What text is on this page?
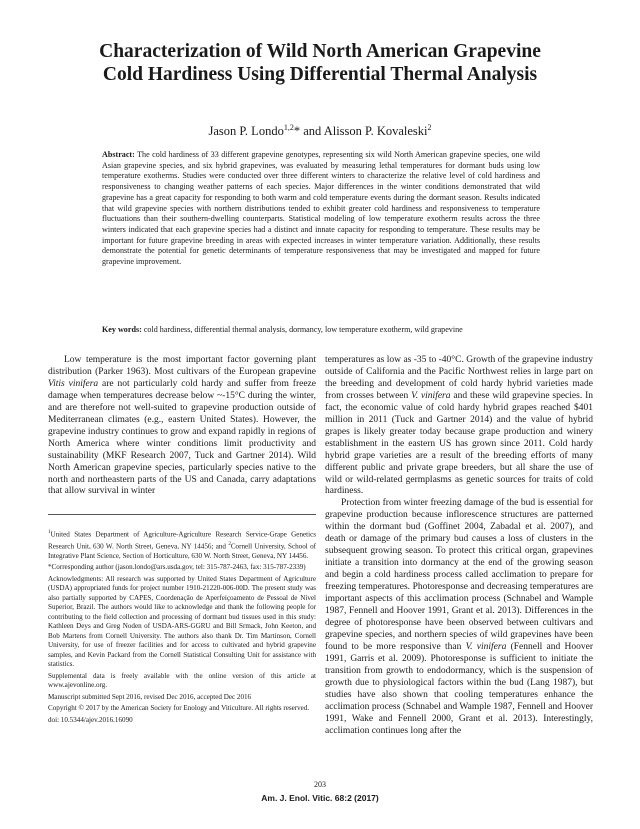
Characterization of Wild North American Grapevine
Cold Hardiness Using Differential Thermal Analysis
Jason P. Londo$^{1,2}$* and Alisson P. Kovaleski$^2$

Abstract: The cold hardiness of 33 different grapevine genotypes, representing six wild North American grapevine species, one wild Asian grapevine species, and six hybrid grapevines, was evaluated by measuring lethal temperatures for dormant buds using low temperature exotherms. Studies were conducted over three different winters to characterize the relative level of cold hardiness and responsiveness to changing weather patterns of each species. Major differences in the winter conditions demonstrated that wild grapevine has a great capacity for responding to both warm and cold temperature events during the dormant season. Results indicated that wild grapevine species with northern distributions tended to exhibit greater cold hardiness and responsiveness to temperature fluctuations than their southern-dwelling counterparts. Statistical modeling of low temperature exotherm results across the three winters indicated that each grapevine species had a distinct and innate capacity for responding to temperature. These results may be important for future grapevine breeding in areas with expected increases in winter temperature variation. Additionally, these results demonstrate the potential for genetic determinants of temperature responsiveness that may be investigated and mapped for future grapevine improvement.

Key words: cold hardiness, differential thermal analysis, dormancy, low temperature exotherm, wild grapevine

Low temperature is the most important factor governing plant distribution (Parker 1963). Most cultivars of the European grapevine Vitis vinifera are not particularly cold hardy and suffer from freeze damage when temperatures decrease below ~-15°C during the winter, and are therefore not well-suited to grapevine production outside of Mediterranean climates (e.g., eastern United States). However, the grapevine industry continues to grow and expand rapidly in regions of North America where winter conditions limit productivity and sustainability (MKF Research 2007, Tuck and Gartner 2014). Wild North American grapevine species, particularly species native to the north and northeastern parts of the US and Canada, carry adaptations that allow survival in winter

$^1$United States Department of Agriculture-Agriculture Research Service-Grape Genetics Research Unit, 630 W. North Street, Geneva, NY 14456; and $^2$Cornell University, School of Integrative Plant Science, Section of Horticulture, 630 W. North Street, Geneva, NY 14456.

*Corresponding author (jason.londo@ars.usda.gov, tel: 315-787-2463, fax: 315-787-2339)

Acknowledgments: All research was supported by United States Department of Agriculture (USDA) appropriated funds for project number 1910-21220-006-00D. The present study was also partially supported by CAPES, Coordenação de Aperfeiçoamento de Pessoal de Nível Superior, Brazil. The authors would like to acknowledge and thank the following people for contributing to the field collection and processing of dormant bud tissues used in this study: Kathleen Deys and Greg Noden of USDA-ARS-GGRU and Bill Srmack, John Keeton, and Bob Martens from Cornell University. The authors also thank Dr. Tim Martinson, Cornell University, for use of freezer facilities and for access to cultivated and hybrid grapevine samples, and Kevin Packard from the Cornell Statistical Consulting Unit for assistance with statistics.

Supplemental data is freely available with the online version of this article at www.ajevonline.org.

Manuscript submitted Sept 2016, revised Dec 2016, accepted Dec 2016

Copyright © 2017 by the American Society for Enology and Viticulture. All rights reserved.

doi: 10.5344/ajev.2016.16090

temperatures as low as -35 to -40°C. Growth of the grapevine industry outside of California and the Pacific Northwest relies in large part on the breeding and development of cold hardy hybrid varieties made from crosses between V. vinifera and these wild grapevine species. In fact, the economic value of cold hardy hybrid grapes reached $401 million in 2011 (Tuck and Gartner 2014) and the value of hybrid grapes is likely greater today because grape production and winery establishment in the eastern US has grown since 2011. Cold hardy hybrid grape varieties are a result of the breeding efforts of many different public and private grape breeders, but all share the use of wild or wild-related germplasms as genetic sources for traits of cold hardiness.

Protection from winter freezing damage of the bud is essential for grapevine production because inflorescence structures are patterned within the dormant bud (Goffinet 2004, Zabadal et al. 2007), and death or damage of the primary bud causes a loss of clusters in the subsequent growing season. To protect this critical organ, grapevines initiate a transition into dormancy at the end of the growing season and begin a cold hardiness process called acclimation to prepare for freezing temperatures. Photoresponse and decreasing temperatures are important aspects of this acclimation process (Schnabel and Wample 1987, Fennell and Hoover 1991, Grant et al. 2013). Differences in the degree of photoresponse have been observed between cultivars and grapevine species, and northern species of wild grapevines have been found to be more responsive than V. vinifera (Fennell and Hoover 1991, Garris et al. 2009). Photoresponse is sufficient to initiate the transition from growth to endodormancy, which is the suspension of growth due to physiological factors within the bud (Lang 1987), but studies have also shown that cooling temperatures enhance the acclimation process (Schnabel and Wample 1987, Fennell and Hoover 1991, Wake and Fennell 2000, Grant et al. 2013). Interestingly, acclimation continues long after the

203
Am. J. Enol. Vitic. 68:2 (2017)
